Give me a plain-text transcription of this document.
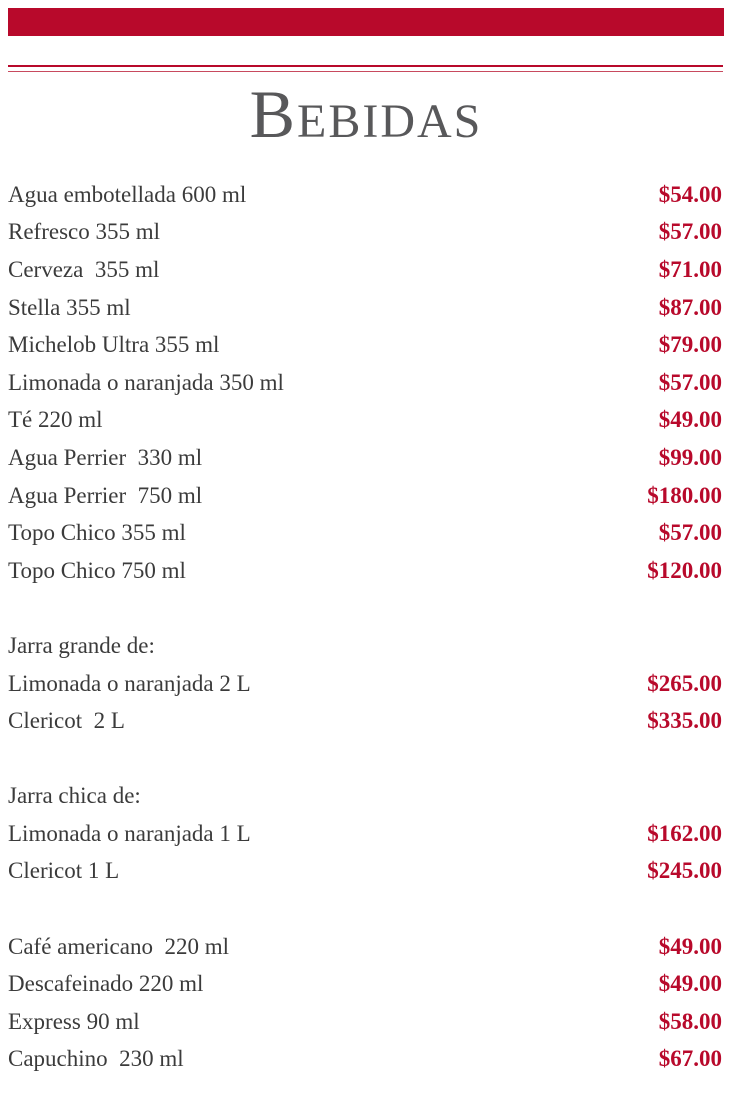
Bebidas
Agua embotellada 600 ml	$54.00
Refresco 355 ml	$57.00
Cerveza  355 ml	$71.00
Stella 355 ml	$87.00
Michelob Ultra 355 ml	$79.00
Limonada o naranjada 350 ml	$57.00
Té 220 ml	$49.00
Agua Perrier  330 ml	$99.00
Agua Perrier  750 ml	$180.00
Topo Chico 355 ml	$57.00
Topo Chico 750 ml	$120.00
Jarra grande de:
Limonada o naranjada 2 L	$265.00
Clericot  2 L	$335.00
Jarra chica de:
Limonada o naranjada 1 L	$162.00
Clericot 1 L	$245.00
Café americano  220 ml	$49.00
Descafeinado 220 ml	$49.00
Express 90 ml	$58.00
Capuchino  230 ml	$67.00
